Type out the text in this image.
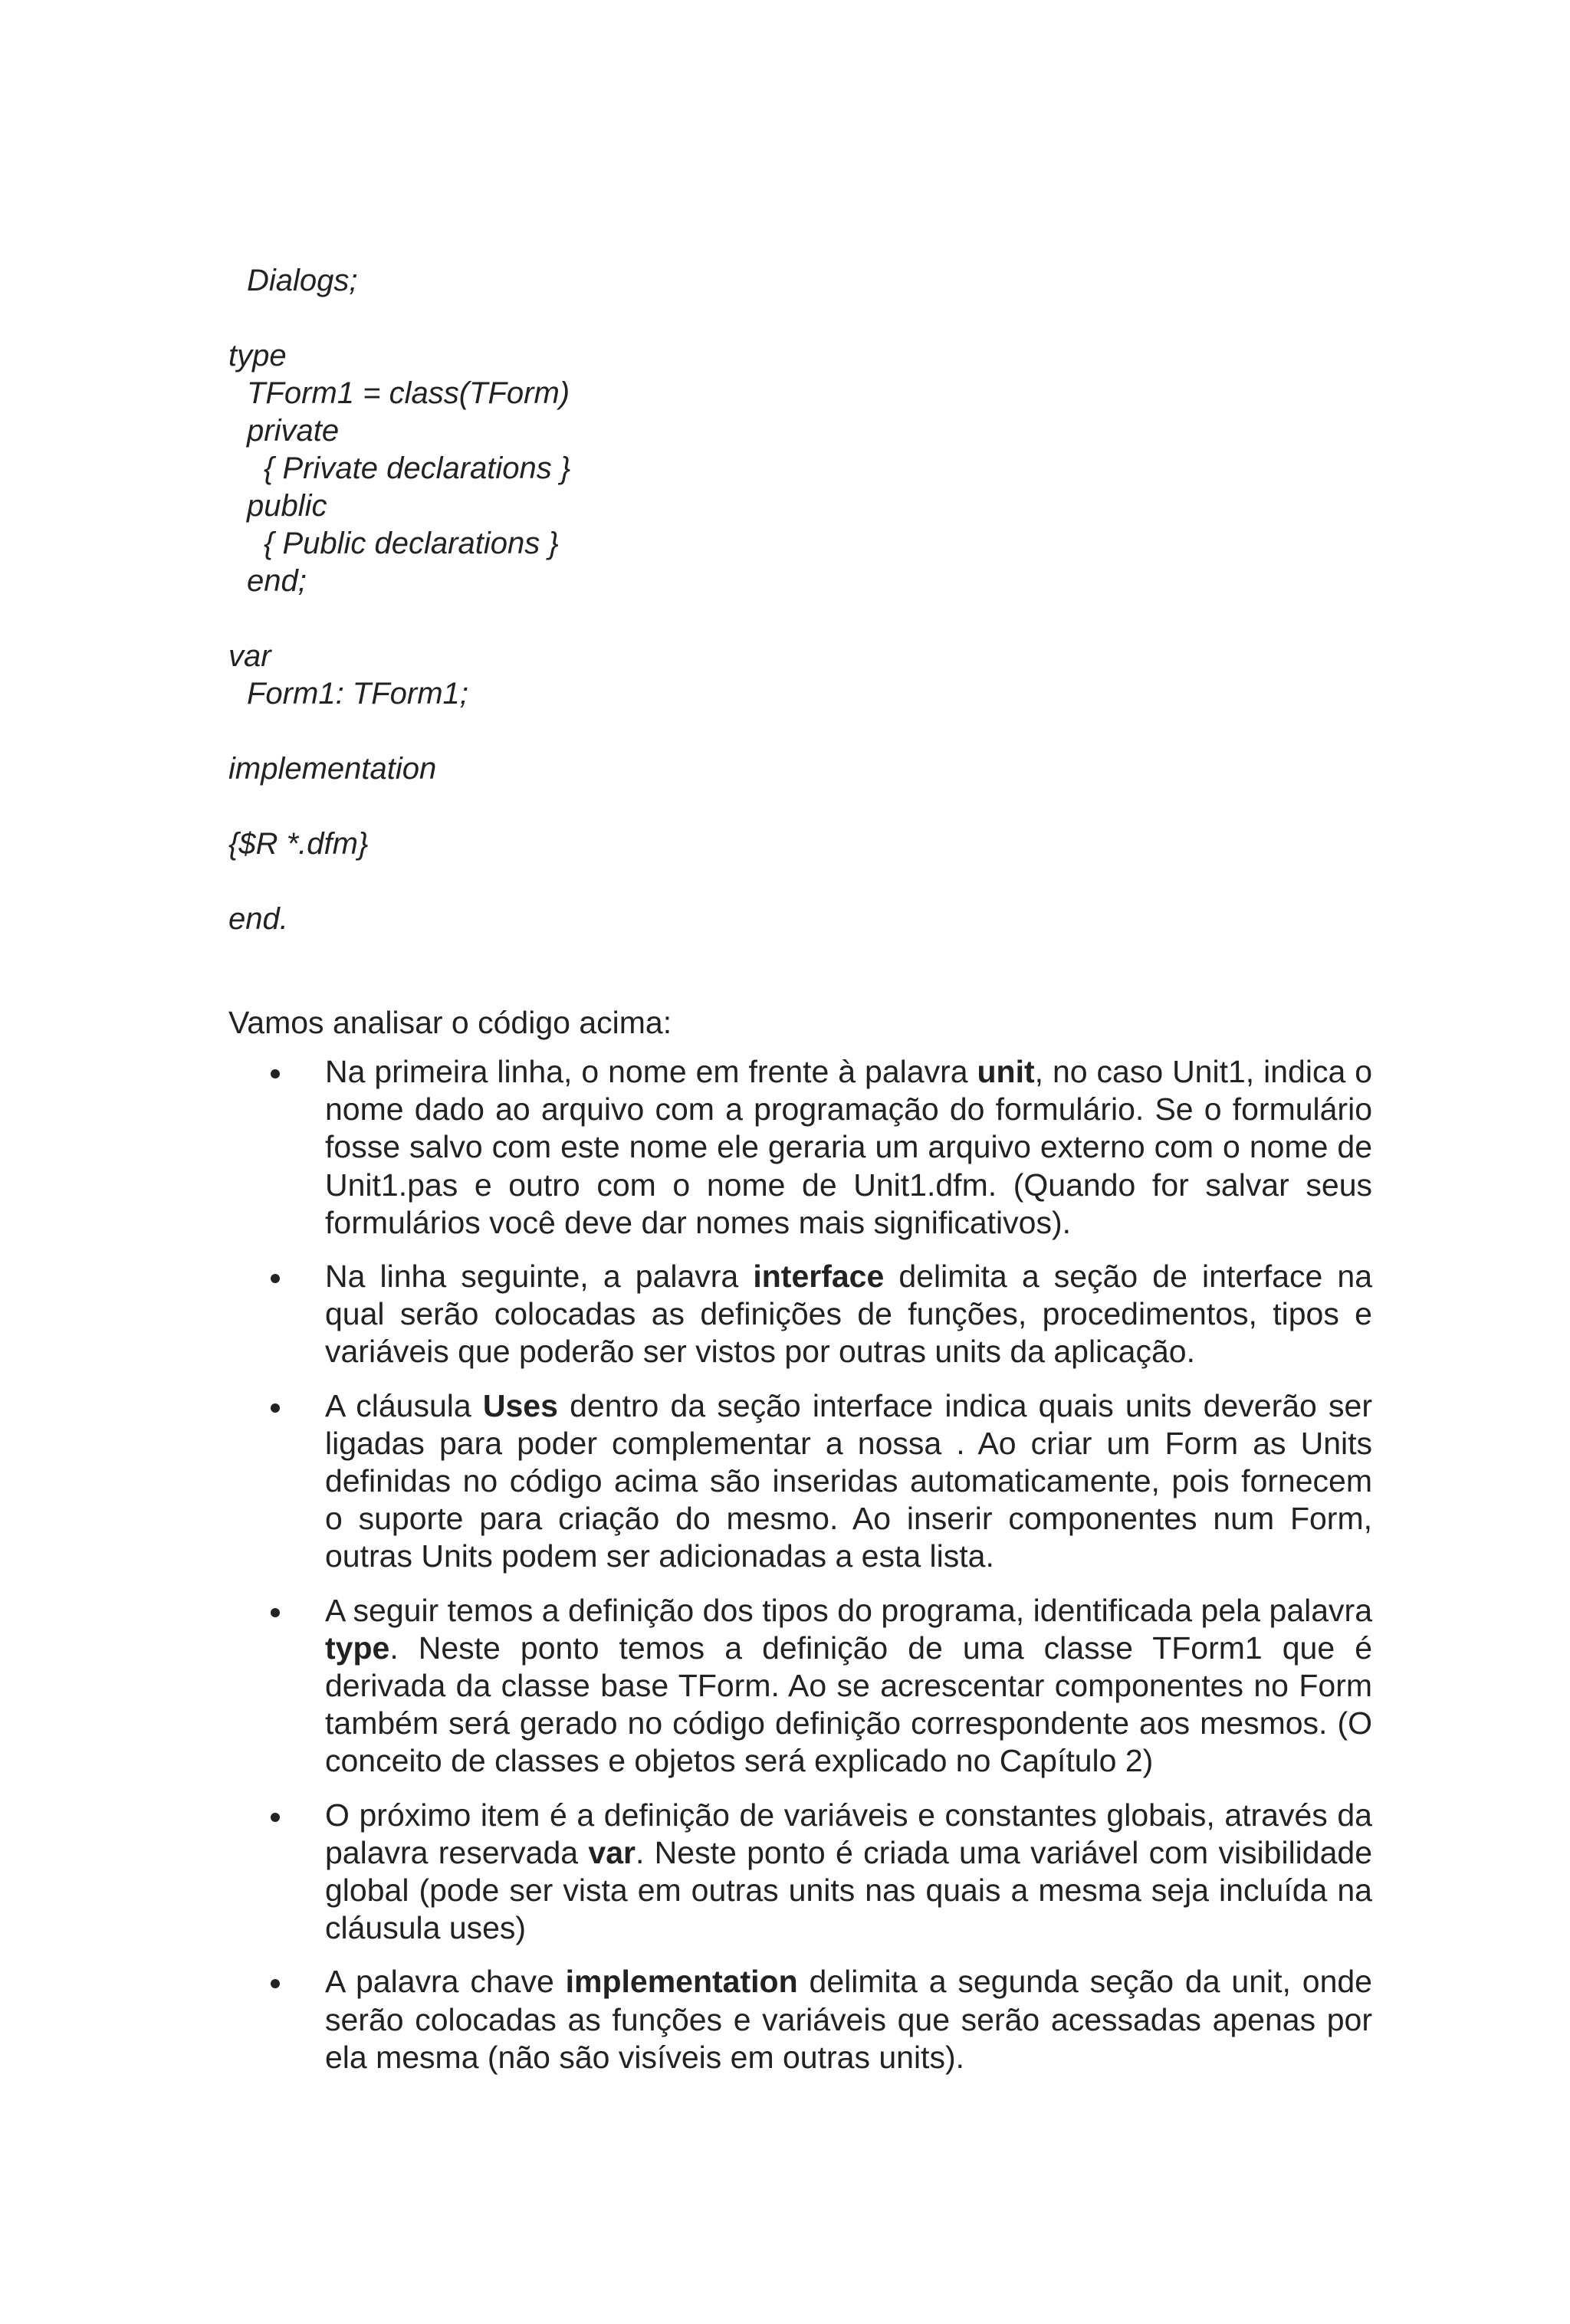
Dialogs;
type
TForm1 = class(TForm)
private
{ Private declarations }
public
{ Public declarations }
end;
var
Form1: TForm1;
implementation
{$R *.dfm}
end.
Vamos analisar o código acima:
Na primeira linha, o nome em frente à palavra unit, no caso Unit1, indica o nome dado ao arquivo com a programação do formulário. Se o formulário fosse salvo com este nome ele geraria um arquivo externo com o nome de Unit1.pas e outro com o nome de Unit1.dfm. (Quando for salvar seus formulários você deve dar nomes mais significativos).
Na linha seguinte, a palavra interface delimita a seção de interface na qual serão colocadas as definições de funções, procedimentos, tipos e variáveis que poderão ser vistos por outras units da aplicação.
A cláusula Uses dentro da seção interface indica quais units deverão ser ligadas para poder complementar a nossa . Ao criar um Form as Units definidas no código acima são inseridas automaticamente, pois fornecem o suporte para criação do mesmo. Ao inserir componentes num Form, outras Units podem ser adicionadas a esta lista.
A seguir temos a definição dos tipos do programa, identificada pela palavra type. Neste ponto temos a definição de uma classe TForm1 que é derivada da classe base TForm. Ao se acrescentar componentes no Form também será gerado no código definição correspondente aos mesmos. (O conceito de classes e objetos será explicado no Capítulo 2)
O próximo item é a definição de variáveis e constantes globais, através da palavra reservada var. Neste ponto é criada uma variável com visibilidade global (pode ser vista em outras units nas quais a mesma seja incluída na cláusula uses)
A palavra chave implementation delimita a segunda seção da unit, onde serão colocadas as funções e variáveis que serão acessadas apenas por ela mesma (não são visíveis em outras units).
